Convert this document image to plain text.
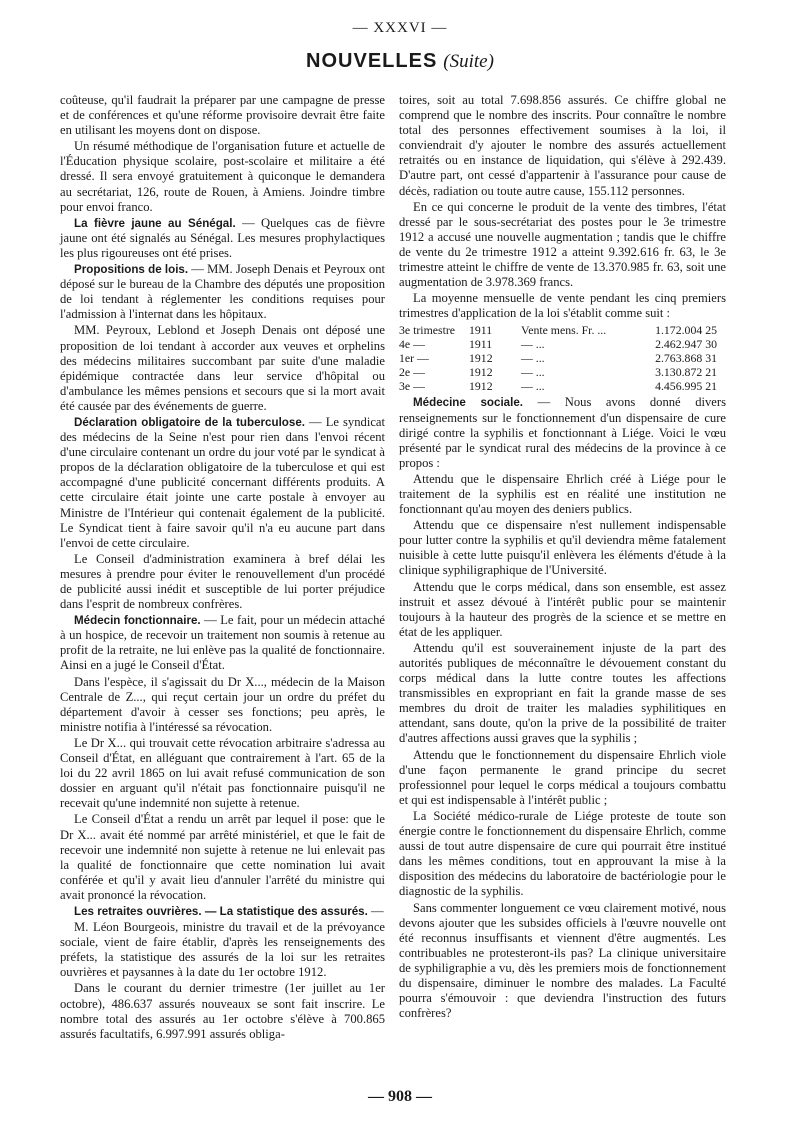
— XXXVI —
NOUVELLES (Suite)

coûteuse, qu'il faudrait la préparer par une campagne de presse et de conférences et qu'une réforme provisoire devrait être faite en utilisant les moyens dont on dispose.

Un résumé méthodique de l'organisation future et actuelle de l'Éducation physique scolaire, post-scolaire et militaire a été dressé. Il sera envoyé gratuitement à quiconque le demandera au secrétariat, 126, route de Rouen, à Amiens. Joindre timbre pour envoi franco.

La fièvre jaune au Sénégal. — Quelques cas de fièvre jaune ont été signalés au Sénégal. Les mesures prophylactiques les plus rigoureuses ont été prises.

Propositions de lois. — MM. Joseph Denais et Peyroux ont déposé sur le bureau de la Chambre des députés une proposition de loi tendant à réglementer les conditions requises pour l'admission à l'internat dans les hôpitaux.

MM. Peyroux, Leblond et Joseph Denais ont déposé une proposition de loi tendant à accorder aux veuves et orphelins des médecins militaires succombant par suite d'une maladie épidémique contractée dans leur service d'hôpital ou d'ambulance les mêmes pensions et secours que si la mort avait été causée par des événements de guerre.

Déclaration obligatoire de la tuberculose. — Le syndicat des médecins de la Seine n'est pour rien dans l'envoi récent d'une circulaire contenant un ordre du jour voté par le syndicat à propos de la déclaration obligatoire de la tuberculose et qui est accompagné d'une publicité concernant différents produits. A cette circulaire était jointe une carte postale à envoyer au Ministre de l'Intérieur qui contenait également de la publicité. Le Syndicat tient à faire savoir qu'il n'a eu aucune part dans l'envoi de cette circulaire.

Le Conseil d'administration examinera à bref délai les mesures à prendre pour éviter le renouvellement d'un procédé de publicité aussi inédit et susceptible de lui porter préjudice dans l'esprit de nombreux confrères.

Médecin fonctionnaire. — Le fait, pour un médecin attaché à un hospice, de recevoir un traitement non soumis à retenue au profit de la retraite, ne lui enlève pas la qualité de fonctionnaire. Ainsi en a jugé le Conseil d'État.

Dans l'espèce, il s'agissait du Dr X..., médecin de la Maison Centrale de Z..., qui reçut certain jour un ordre du préfet du département d'avoir à cesser ses fonctions; peu après, le ministre notifia à l'intéressé sa révocation.

Le Dr X... qui trouvait cette révocation arbitraire s'adressa au Conseil d'État, en alléguant que contrairement à l'art. 65 de la loi du 22 avril 1865 on lui avait refusé communication de son dossier en arguant qu'il n'était pas fonctionnaire puisqu'il ne recevait qu'une indemnité non sujette à retenue.

Le Conseil d'État a rendu un arrêt par lequel il pose: que le Dr X... avait été nommé par arrêté ministériel, et que le fait de recevoir une indemnité non sujette à retenue ne lui enlevait pas la qualité de fonctionnaire que cette nomination lui avait conférée et qu'il y avait lieu d'annuler l'arrêté du ministre qui avait prononcé la révocation.

Les retraites ouvrières. — La statistique des assurés. —

M. Léon Bourgeois, ministre du travail et de la prévoyance sociale, vient de faire établir, d'après les renseignements des préfets, la statistique des assurés de la loi sur les retraites ouvrières et paysannes à la date du 1er octobre 1912.

Dans le courant du dernier trimestre (1er juillet au 1er octobre), 486.637 assurés nouveaux se sont fait inscrire. Le nombre total des assurés au 1er octobre s'élève à 700.865 assurés facultatifs, 6.997.991 assurés obliga-

toires, soit au total 7.698.856 assurés. Ce chiffre global ne comprend que le nombre des inscrits. Pour connaître le nombre total des personnes effectivement soumises à la loi, il conviendrait d'y ajouter le nombre des assurés actuellement retraités ou en instance de liquidation, qui s'élève à 292.439. D'autre part, ont cessé d'appartenir à l'assurance pour cause de décès, radiation ou toute autre cause, 155.112 personnes.

En ce qui concerne le produit de la vente des timbres, l'état dressé par le sous-secrétariat des postes pour le 3e trimestre 1912 a accusé une nouvelle augmentation ; tandis que le chiffre de vente du 2e trimestre 1912 a atteint 9.392.616 fr. 63, le 3e trimestre atteint le chiffre de vente de 13.370.985 fr. 63, soit une augmentation de 3.978.369 francs.

La moyenne mensuelle de vente pendant les cinq premiers trimestres d'application de la loi s'établit comme suit :

3e trimestre	1911	Vente mens. Fr. ...	1.172.004 25
4e —	1911	— ...	2.462.947 30
1er —	1912	— ...	2.763.868 31
2e —	1912	— ...	3.130.872 21
3e —	1912	— ...	4.456.995 21

Médecine sociale. — Nous avons donné divers renseignements sur le fonctionnement d'un dispensaire de cure dirigé contre la syphilis et fonctionnant à Liége. Voici le vœu présenté par le syndicat rural des médecins de la province à ce propos :

Attendu que le dispensaire Ehrlich créé à Liége pour le traitement de la syphilis est en réalité une institution ne fonctionnant qu'au moyen des deniers publics.

Attendu que ce dispensaire n'est nullement indispensable pour lutter contre la syphilis et qu'il deviendra même fatalement nuisible à cette lutte puisqu'il enlèvera les éléments d'étude à la clinique syphiligraphique de l'Université.

Attendu que le corps médical, dans son ensemble, est assez instruit et assez dévoué à l'intérêt public pour se maintenir toujours à la hauteur des progrès de la science et se mettre en état de les appliquer.

Attendu qu'il est souverainement injuste de la part des autorités publiques de méconnaître le dévouement constant du corps médical dans la lutte contre toutes les affections transmissibles en expropriant en fait la grande masse de ses membres du droit de traiter les maladies syphilitiques en attendant, sans doute, qu'on la prive de la possibilité de traiter d'autres affections aussi graves que la syphilis ;

Attendu que le fonctionnement du dispensaire Ehrlich viole d'une façon permanente le grand principe du secret professionnel pour lequel le corps médical a toujours combattu et qui est indispensable à l'intérêt public ;

La Société médico-rurale de Liége proteste de toute son énergie contre le fonctionnement du dispensaire Ehrlich, comme aussi de tout autre dispensaire de cure qui pourrait être institué dans les mêmes conditions, tout en approuvant la mise à la disposition des médecins du laboratoire de bactériologie pour le diagnostic de la syphilis.

Sans commenter longuement ce vœu clairement motivé, nous devons ajouter que les subsides officiels à l'œuvre nouvelle ont été reconnus insuffisants et viennent d'être augmentés. Les contribuables ne protesteront-ils pas? La clinique universitaire de syphiligraphie a vu, dès les premiers mois de fonctionnement du dispensaire, diminuer le nombre des malades. La Faculté pourra s'émouvoir : que deviendra l'instruction des futurs confrères?

— 908 —
